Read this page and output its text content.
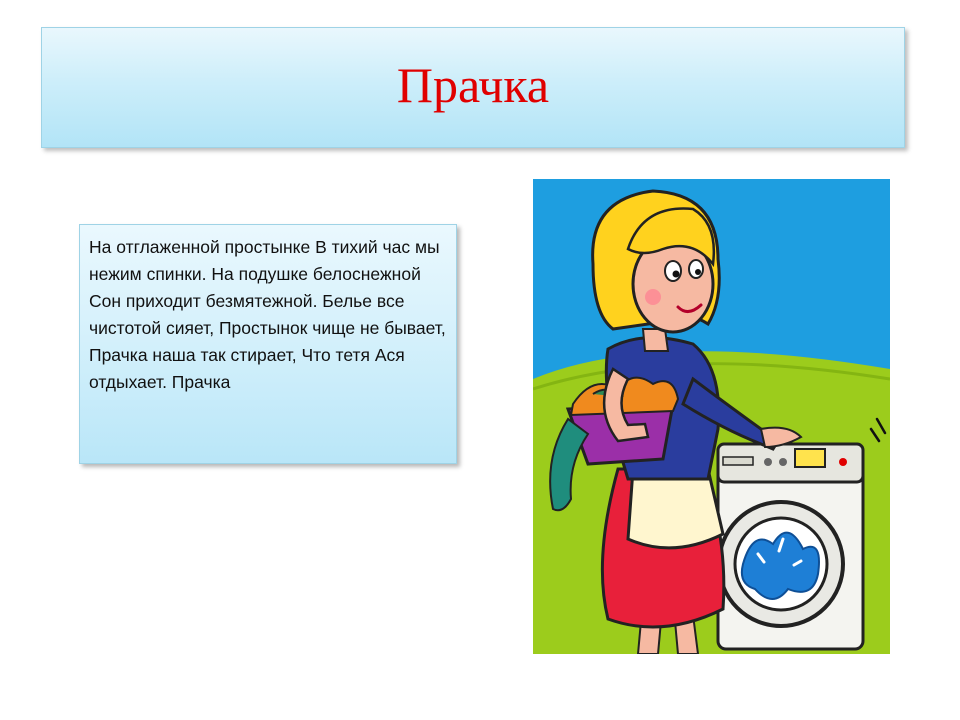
Прачка

На отглаженной простынке В тихий час мы нежим спинки. На подушке белоснежной Сон приходит безмятежной. Белье все чистотой сияет, Простынок чище не бывает, Прачка наша так стирает, Что тетя Ася отдыхает. Прачка
